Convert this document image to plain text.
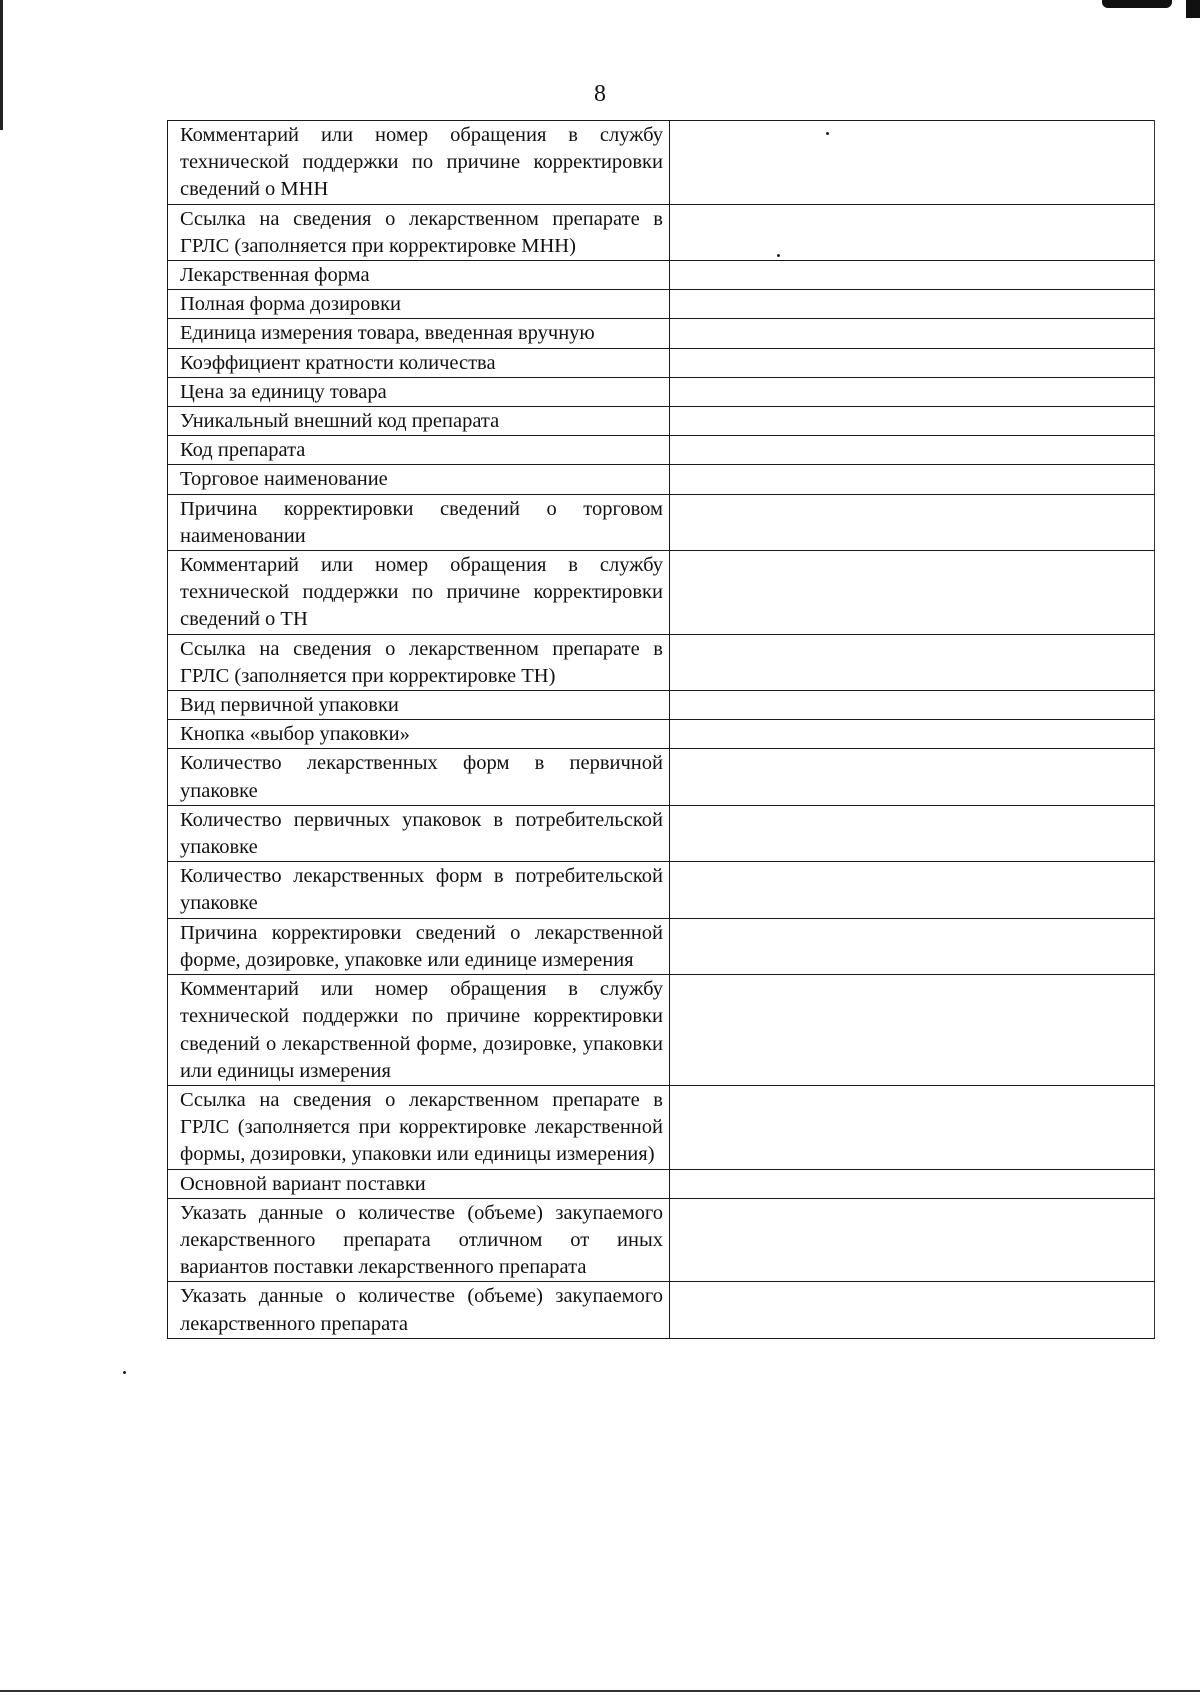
8
Комментарий или номер обращения в службу технической поддержки по причине корректировки сведений о МНН	
Ссылка на сведения о лекарственном препарате в ГРЛС (заполняется при корректировке МНН)	
Лекарственная форма	
Полная форма дозировки	
Единица измерения товара, введенная вручную	
Коэффициент кратности количества	
Цена за единицу товара	
Уникальный внешний код препарата	
Код препарата	
Торговое наименование	
Причина корректировки сведений о торговом наименовании	
Комментарий или номер обращения в службу технической поддержки по причине корректировки сведений о ТН	
Ссылка на сведения о лекарственном препарате в ГРЛС (заполняется при корректировке ТН)	
Вид первичной упаковки	
Кнопка «выбор упаковки»	
Количество лекарственных форм в первичной упаковке	
Количество первичных упаковок в потребительской упаковке	
Количество лекарственных форм в потребительской упаковке	
Причина корректировки сведений о лекарственной форме, дозировке, упаковке или единице измерения	
Комментарий или номер обращения в службу технической поддержки по причине корректировки сведений о лекарственной форме, дозировке, упаковки или единицы измерения	
Ссылка на сведения о лекарственном препарате в ГРЛС (заполняется при корректировке лекарственной формы, дозировки, упаковки или единицы измерения)	
Основной вариант поставки	
Указать данные о количестве (объеме) закупаемого лекарственного препарата отличном от иных вариантов поставки лекарственного препарата	
Указать данные о количестве (объеме) закупаемого лекарственного препарата	
